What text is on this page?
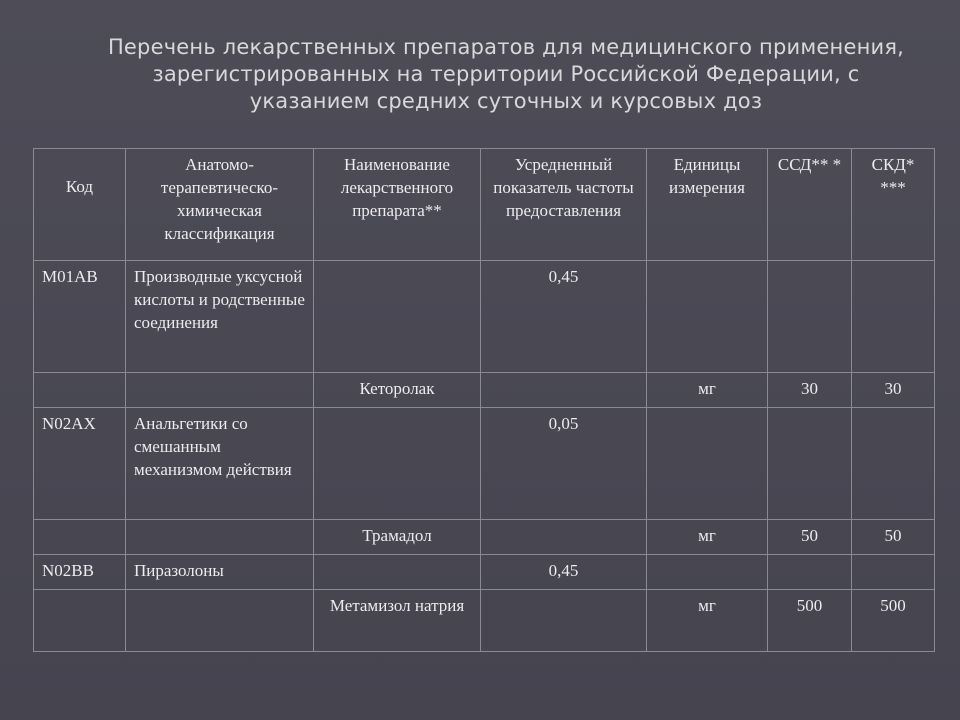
Перечень лекарственных препаратов для медицинского применения, зарегистрированных на территории Российской Федерации, с указанием средних суточных и курсовых доз
Код	Анатомо-терапевтическо-химическая классификация	Наименование лекарственного препарата**	Усредненный показатель частоты предоставления	Единицы измерения	ССД** *	СКД* ***
M01AB	Производные уксусной кислоты и родственные соединения		0,45			
		Кеторолак		мг	30	30
N02AX	Анальгетики со смешанным механизмом действия		0,05			
		Трамадол		мг	50	50
N02BB	Пиразолоны		0,45			
		Метамизол натрия		мг	500	500
